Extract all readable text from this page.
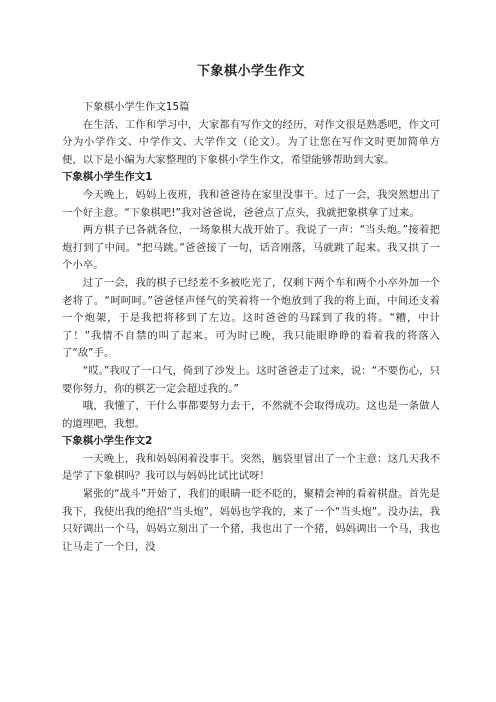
下象棋小学生作文

下象棋小学生作文15篇

在生活、工作和学习中，大家都有写作文的经历，对作文很是熟悉吧，作文可分为小学作文、中学作文、大学作文（论文）。为了让您在写作文时更加简单方便，以下是小编为大家整理的下象棋小学生作文，希望能够帮助到大家。

下象棋小学生作文1

今天晚上，妈妈上夜班，我和爸爸待在家里没事干。过了一会，我突然想出了一个好主意。“下象棋吧!”我对爸爸说，爸爸点了点头，我就把象棋拿了过来。

两方棋子已各就各位，一场象棋大战开始了。我说了一声：“当头炮。”接着把炮打到了中间。“把马跳。”爸爸接了一句，话音刚落，马就跳了起来。我又拱了一个小卒。

过了一会，我的棋子已经差不多被吃光了，仅剩下两个车和两个小卒外加一个老将了。“呵呵呵。”爸爸怪声怪气的笑着将一个炮放到了我的将上面，中间还支着一个炮架，于是我把将移到了左边。这时爸爸的马踩到了我的将。“糟，中计了！”我情不自禁的叫了起来。可为时已晚，我只能眼睁睁的看着我的将落入了“敌”手。

“哎。”我叹了一口气，倚到了沙发上。这时爸爸走了过来，说：“不要伤心，只要你努力，你的棋艺一定会超过我的。”

哦，我懂了，干什么事都要努力去干，不然就不会取得成功。这也是一条做人的道理吧，我想。

下象棋小学生作文2

一天晚上，我和妈妈闲着没事干。突然，脑袋里冒出了一个主意：这几天我不是学了下象棋吗？我可以与妈妈比试比试呀！

紧张的“战斗”开始了，我们的眼睛一眨不眨的，聚精会神的看着棋盘。首先是我下，我使出我的绝招“当头炮”，妈妈也学我的，来了一个“当头炮”。没办法，我只好调出一个马，妈妈立刻出了一个猪，我也出了一个猪，妈妈调出一个马，我也让马走了一个日，没
